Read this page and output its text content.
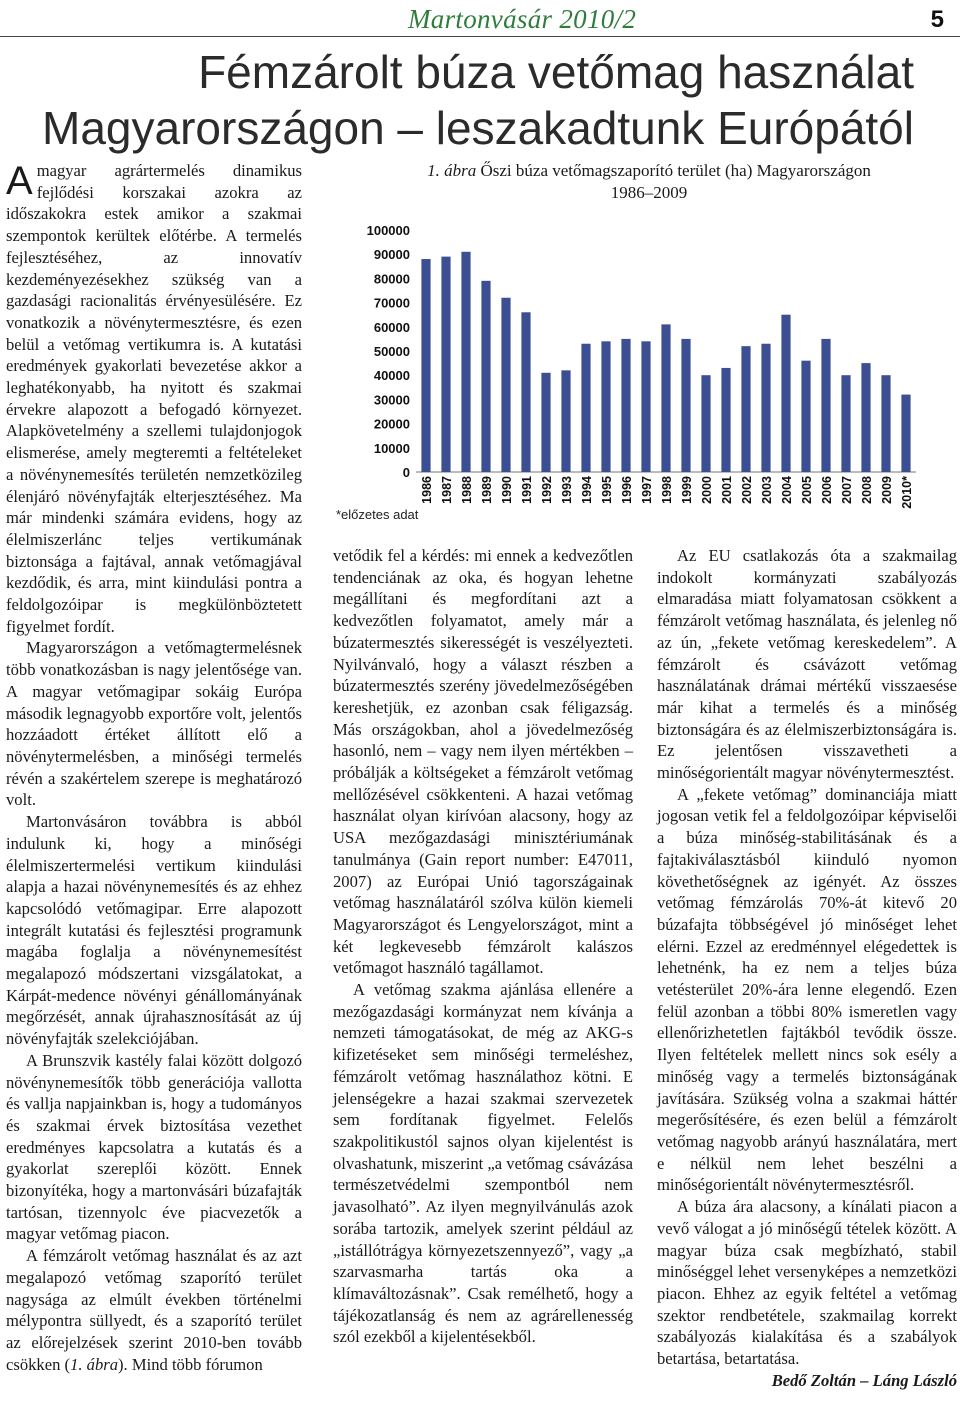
Martonvásár 2010/2	5
Fémzárolt búza vetőmag használat
Magyarországon – leszakadtunk Európától

Amagyar agrártermelés dinamikus fejlődési korszakai azokra az időszakokra estek amikor a szakmai szempontok kerültek előtérbe. A termelés fejlesztéséhez, az innovatív kezdeményezésekhez szükség van a gazdasági racionalitás érvényesülésére. Ez vonatkozik a növénytermesztésre, és ezen belül a vetőmag vertikumra is. A kutatási eredmények gyakorlati bevezetése akkor a leghatékonyabb, ha nyitott és szakmai érvekre alapozott a befogadó környezet. Alapkövetelmény a szellemi tulajdonjogok elismerése, amely megteremti a feltételeket a növénynemesítés területén nemzetközileg élenjáró növényfajták elterjesztéséhez. Ma már mindenki számára evidens, hogy az élelmiszerlánc teljes vertikumának biztonsága a fajtával, annak vetőmagjával kezdődik, és arra, mint kiindulási pontra a feldolgozóipar is megkülönböztetett figyelmet fordít.

Magyarországon a vetőmagtermelésnek több vonatkozásban is nagy jelentősége van. A magyar vetőmagipar sokáig Európa második legnagyobb exportőre volt, jelentős hozzáadott értéket állított elő a növénytermelésben, a minőségi termelés révén a szakértelem szerepe is meghatározó volt.

Martonvásáron továbbra is abból indulunk ki, hogy a minőségi élelmiszertermelési vertikum kiindulási alapja a hazai növénynemesítés és az ehhez kapcsolódó vetőmagipar. Erre alapozott integrált kutatási és fejlesztési programunk magába foglalja a növénynemesítést megalapozó módszertani vizsgálatokat, a Kárpát-medence növényi génállományának megőrzését, annak újrahasznosítását az új növényfajták szelekciójában.

A Brunszvik kastély falai között dolgozó növénynemesítők több generációja vallotta és vallja napjainkban is, hogy a tudományos és szakmai érvek biztosítása vezethet eredményes kapcsolatra a kutatás és a gyakorlat szereplői között. Ennek bizonyítéka, hogy a martonvásári búzafajták tartósan, tizennyolc éve piacvezetők a magyar vetőmag piacon.

A fémzárolt vetőmag használat és az azt megalapozó vetőmag szaporító terület nagysága az elmúlt években történelmi mélypontra süllyedt, és a szaporító terület az előrejelzések szerint 2010-ben tovább csökken (1. ábra). Mind több fórumon

1. ábra Őszi búza vetőmagszaporító terület (ha) Magyarországon
1986–2009
0
10000
20000
30000
40000
50000
60000
70000
80000
90000
100000
1986 1987 1988 1989 1990 1991 1992 1993 1994 1995 1996 1997 1998 1999 2000 2001 2002 2003 2004 2005 2006 2007 2008 2009 2010*
*előzetes adat

vetődik fel a kérdés: mi ennek a kedvezőtlen tendenciának az oka, és hogyan lehetne megállítani és megfordítani azt a kedvezőtlen folyamatot, amely már a búzatermesztés sikerességét is veszélyezteti. Nyilvánvaló, hogy a választ részben a búzatermesztés szerény jövedelmezőségében kereshetjük, ez azonban csak féligazság. Más országokban, ahol a jövedelmezőség hasonló, nem – vagy nem ilyen mértékben – próbálják a költségeket a fémzárolt vetőmag mellőzésével csökkenteni. A hazai vetőmag használat olyan kirívóan alacsony, hogy az USA mezőgazdasági minisztériumának tanulmánya (Gain report number: E47011, 2007) az Európai Unió tagországainak vetőmag használatáról szólva külön kiemeli Magyarországot és Lengyelországot, mint a két legkevesebb fémzárolt kalászos vetőmagot használó tagállamot.

A vetőmag szakma ajánlása ellenére a mezőgazdasági kormányzat nem kívánja a nemzeti támogatásokat, de még az AKG-s kifizetéseket sem minőségi termeléshez, fémzárolt vetőmag használathoz kötni. E jelenségekre a hazai szakmai szervezetek sem fordítanak figyelmet. Felelős szakpolitikustól sajnos olyan kijelentést is olvashatunk, miszerint „a vetőmag csávázása természetvédelmi szempontból nem javasolható”. Az ilyen megnyilvánulás azok sorába tartozik, amelyek szerint például az „istállótrágya környezetszennyező”, vagy „a szarvasmarha tartás oka a klímaváltozásnak”. Csak remélhető, hogy a tájékozatlanság és nem az agrárellenesség szól ezekből a kijelentésekből.

Az EU csatlakozás óta a szakmailag indokolt kormányzati szabályozás elmaradása miatt folyamatosan csökkent a fémzárolt vetőmag használata, és jelenleg nő az ún, „fekete vetőmag kereskedelem”. A fémzárolt és csávázott vetőmag használatának drámai mértékű visszaesése már kihat a termelés és a minőség biztonságára és az élelmiszerbiztonságára is. Ez jelentősen visszavetheti a minőségorientált magyar növénytermesztést.

A „fekete vetőmag” dominanciája miatt jogosan vetik fel a feldolgozóipar képviselői a búza minőség-stabilitásának és a fajtakiválasztásból kiinduló nyomon követhetőségnek az igényét. Az összes vetőmag fémzárolás 70%-át kitevő 20 búzafajta többségével jó minőséget lehet elérni. Ezzel az eredménnyel elégedettek is lehetnénk, ha ez nem a teljes búza vetésterület 20%-ára lenne elegendő. Ezen felül azonban a többi 80% ismeretlen vagy ellenőrizhetetlen fajtákból tevődik össze. Ilyen feltételek mellett nincs sok esély a minőség vagy a termelés biztonságának javítására. Szükség volna a szakmai háttér megerősítésére, és ezen belül a fémzárolt vetőmag nagyobb arányú használatára, mert e nélkül nem lehet beszélni a minőségorientált növénytermesztésről.

A búza ára alacsony, a kínálati piacon a vevő válogat a jó minőségű tételek között. A magyar búza csak megbízható, stabil minőséggel lehet versenyképes a nemzetközi piacon. Ehhez az egyik feltétel a vetőmag szektor rendbetétele, szakmailag korrekt szabályozás kialakítása és a szabályok betartása, betartatása.

Bedő Zoltán – Láng László
